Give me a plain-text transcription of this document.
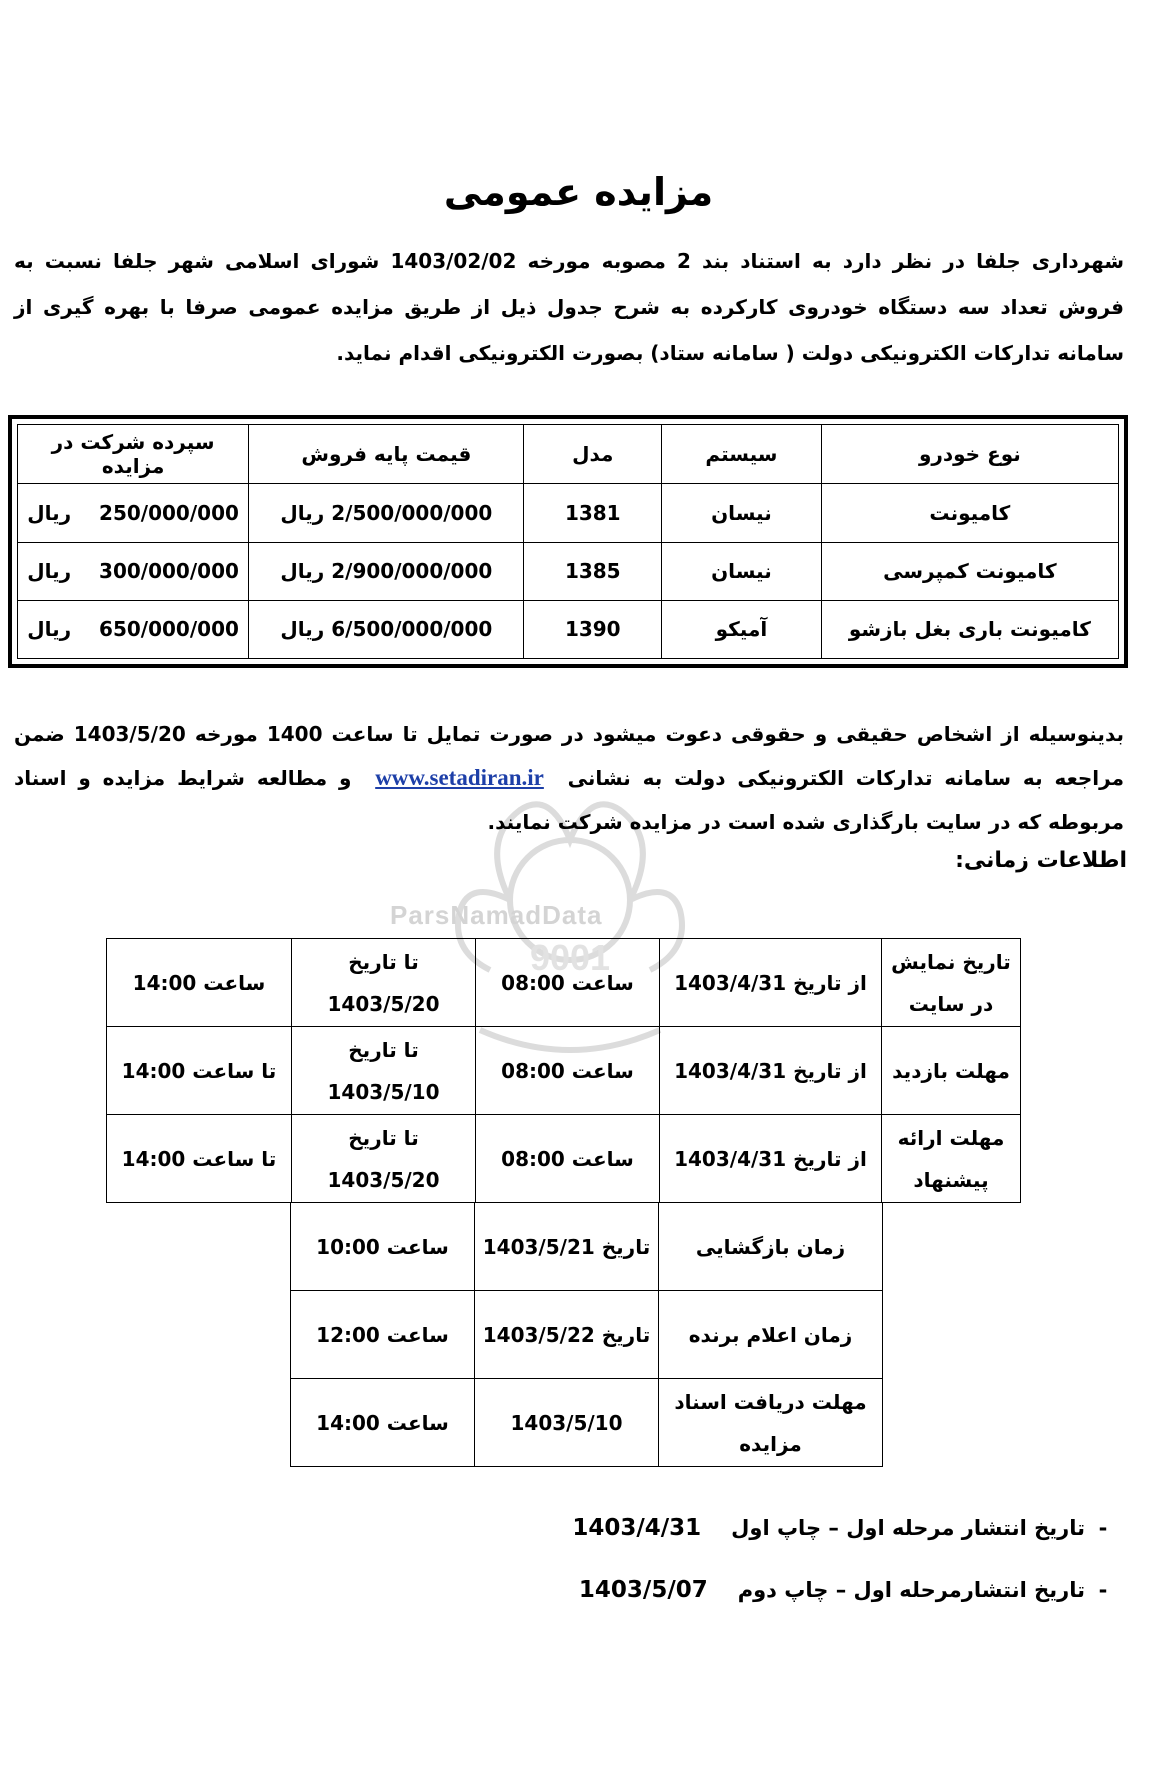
9001
ParsNamadData
مزایده عمومی
شهرداری جلفا در نظر دارد به استناد بند 2 مصوبه مورخه 1403/02/02 شورای اسلامی شهر جلفا نسبت به فروش تعداد سه دستگاه خودروی کارکرده به شرح جدول ذیل از طریق مزایده عمومی صرفا با بهره گیری از سامانه تدارکات الکترونیکی دولت ( سامانه ستاد) بصورت الکترونیکی اقدام نماید.
نوع خودرو	سیستم	مدل	قیمت پایه فروش	سپرده شرکت در مزایده
کامیونت	نیسان	1381	2/500/000/000 ریال	250/000/000    ریال
کامیونت کمپرسی	نیسان	1385	2/900/000/000 ریال	300/000/000    ریال
کامیونت باری بغل بازشو	آمیکو	1390	6/500/000/000 ریال	650/000/000    ریال
بدینوسیله از اشخاص حقیقی و حقوقی دعوت میشود در صورت تمایل تا ساعت 1400 مورخه 1403/5/20 ضمن مراجعه به سامانه تدارکات الکترونیکی دولت به نشانی  www.setadiran.ir  و مطالعه شرایط مزایده و اسناد مربوطه که در سایت بارگذاری شده است در مزایده شرکت نمایند.
اطلاعات زمانی:
تاریخ نمایش در سایت	از تاریخ 1403/4/31	ساعت 08:00	تا تاریخ 1403/5/20	ساعت 14:00
مهلت بازدید	از تاریخ 1403/4/31	ساعت 08:00	تا تاریخ 1403/5/10	تا ساعت 14:00
مهلت ارائه پیشنهاد	از تاریخ 1403/4/31	ساعت 08:00	تا تاریخ 1403/5/20	تا ساعت 14:00
زمان بازگشایی	تاریخ 1403/5/21	ساعت 10:00
زمان اعلام برنده	تاریخ 1403/5/22	ساعت 12:00
مهلت دریافت اسناد مزایده	1403/5/10	ساعت 14:00
-تاریخ انتشار مرحله اول – چاپ اول1403/4/31
-تاریخ انتشارمرحله اول – چاپ دوم1403/5/07
